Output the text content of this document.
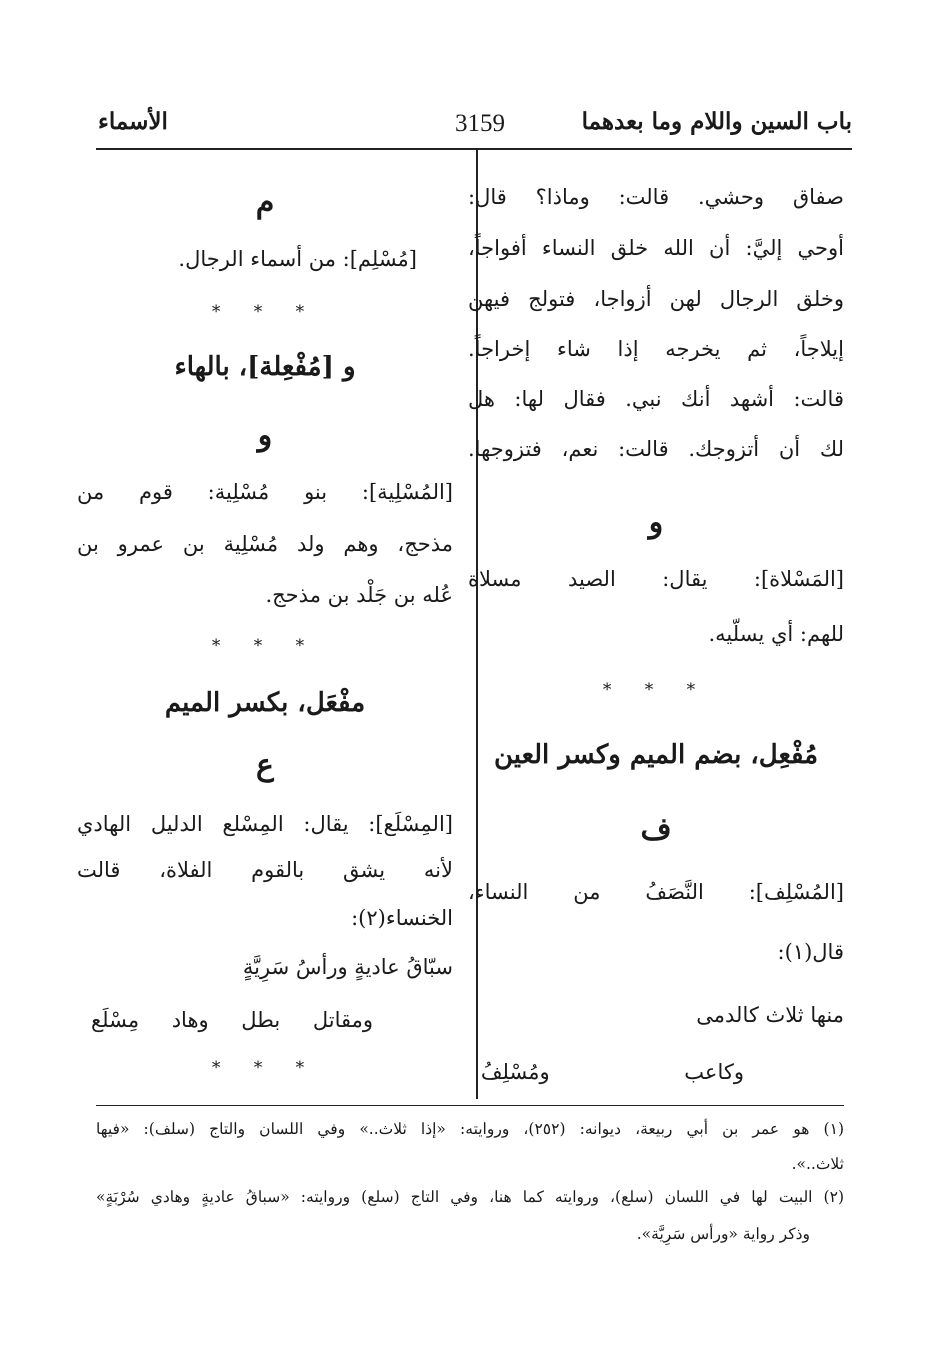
باب السين واللام وما بعدهما
3159
الأسماء
صفاق وحشي. قالت: وماذا؟ قال:
أوحي إليَّ: أن الله خلق النساء أفواجاً،
وخلق الرجال لهن أزواجا، فتولج فيهن
إيلاجاً، ثم يخرجه إذا شاء إخراجاً.
قالت: أشهد أنك نبي. فقال لها: هل
لك أن أتزوجك. قالت: نعم، فتزوجها.
و
[المَسْلاة]: يقال: الصيد مسلاة
للهم: أي يسلّيه.
* * *
مُفْعِل، بضم الميم وكسر العين
ف
[المُسْلِف]: النَّصَفُ من النساء،
قال(١):
منها ثلاث كالدمى
وكاعب ومُسْلِفُ
م
[مُسْلِم]: من أسماء الرجال.
* * *
و [مُفْعِلة]، بالهاء
و
[المُسْلِية]: بنو مُسْلِية: قوم من
مذحج، وهم ولد مُسْلِية بن عمرو بن
عُله بن جَلْد بن مذحج.
* * *
مفْعَل، بكسر الميم
ع
[المِسْلَع]: يقال: المِسْلع الدليل الهادي
لأنه يشق بالقوم الفلاة، قالت
الخنساء(٢):
سبّاقُ عاديةٍ ورأسُ سَرِيَّةٍ
ومقاتل بطل وهاد مِسْلَع
* * *
(١) هو عمر بن أبي ربيعة، ديوانه: (٢٥٢)، وروايته: «إذا ثلاث..» وفي اللسان والتاج (سلف): «فيها
ثلاث..».
(٢) البيت لها في اللسان (سلع)، وروايته كما هنا، وفي التاج (سلع) وروايته: «سباقُ عاديةٍ وهادي سُرْبَةٍ»
وذكر رواية «ورأس سَرِيَّة».
